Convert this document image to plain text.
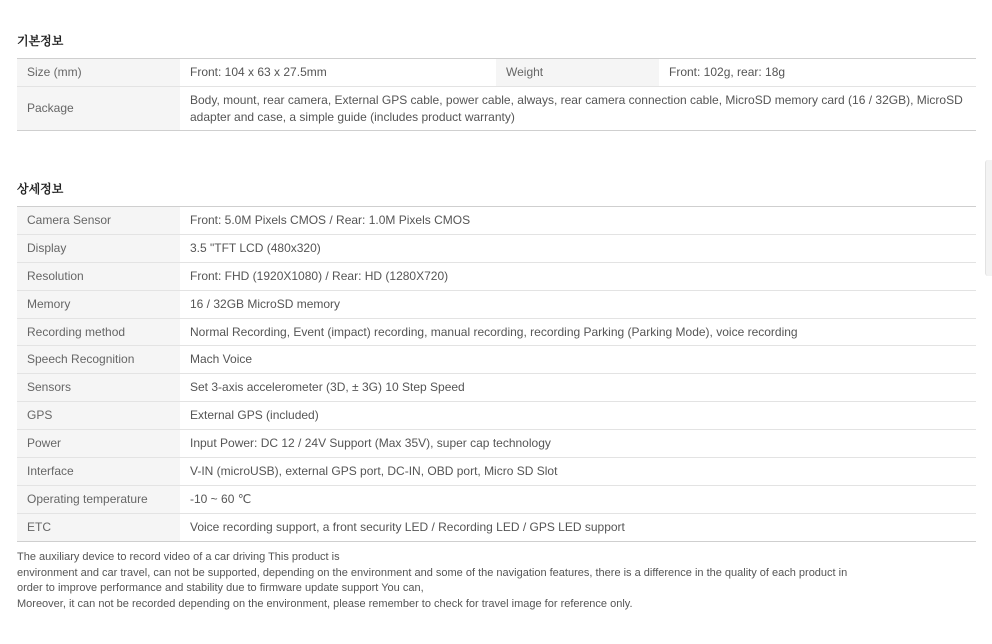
기본정보
Size (mm)	Front: 104 x 63 x 27.5mm	Weight	Front: 102g, rear: 18g
Package	Body, mount, rear camera, External GPS cable, power cable, always, rear camera connection cable, MicroSD memory card (16 / 32GB), MicroSD adapter and case, a simple guide (includes product warranty)		
상세정보
Camera Sensor	Front: 5.0M Pixels CMOS / Rear: 1.0M Pixels CMOS
Display	3.5 "TFT LCD (480x320)
Resolution	Front: FHD (1920X1080) / Rear: HD (1280X720)
Memory	16 / 32GB MicroSD memory
Recording method	Normal Recording, Event (impact) recording, manual recording, recording Parking (Parking Mode), voice recording
Speech Recognition	Mach Voice
Sensors	Set 3-axis accelerometer (3D, ± 3G) 10 Step Speed
GPS	External GPS (included)
Power	Input Power: DC 12 / 24V Support (Max 35V), super cap technology
Interface	V-IN (microUSB), external GPS port, DC-IN, OBD port, Micro SD Slot
Operating temperature	-10 ~ 60 ℃
ETC	Voice recording support, a front security LED / Recording LED / GPS LED support
The auxiliary device to record video of a car driving This product is
environment and car travel, can not be supported, depending on the environment and some of the navigation features, there is a difference in the quality of each product in
order to improve performance and stability due to firmware update support You can,
Moreover, it can not be recorded depending on the environment, please remember to check for travel image for reference only.
